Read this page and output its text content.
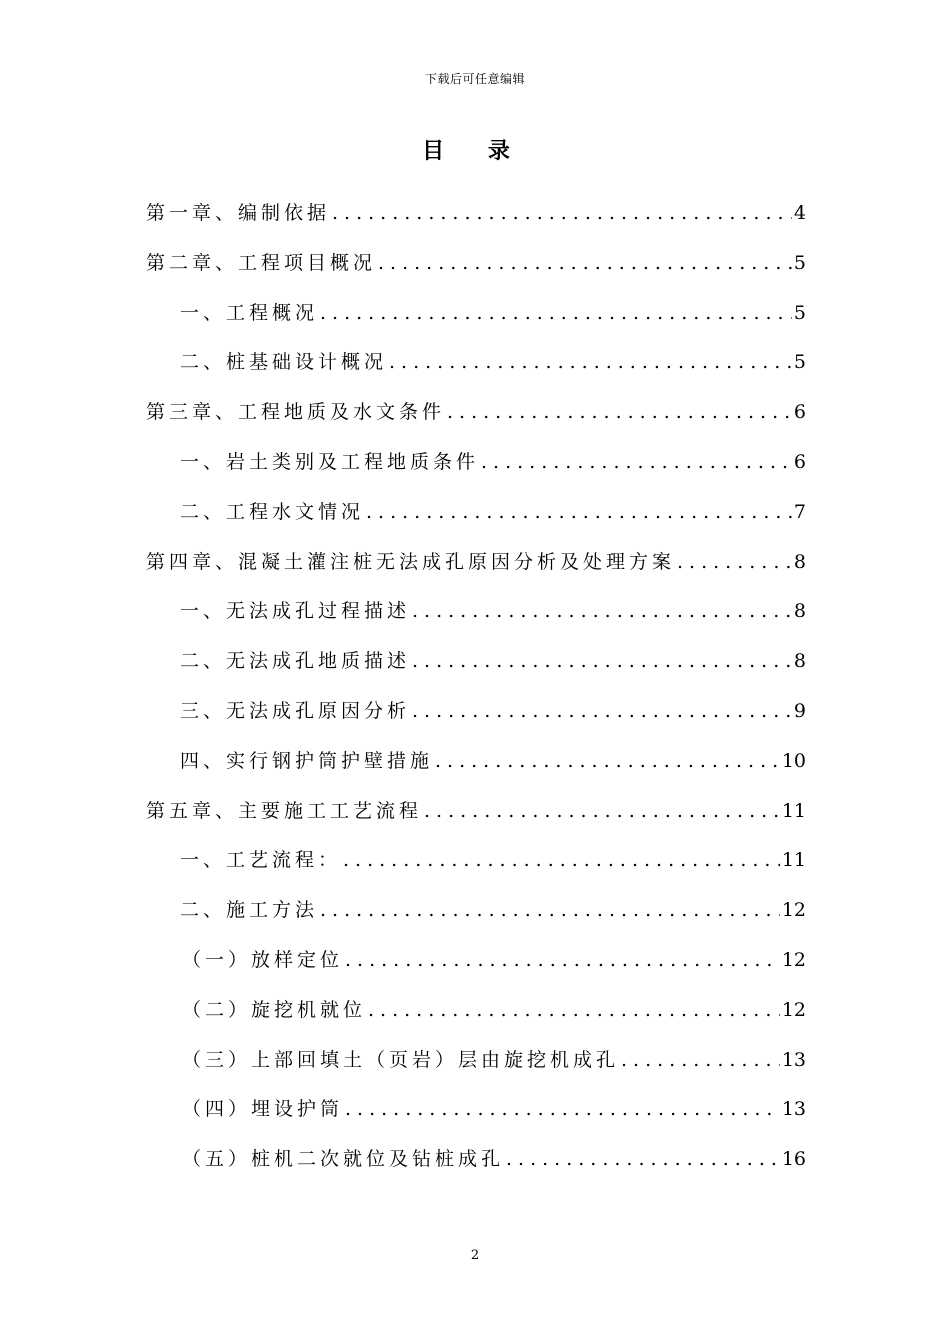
下载后可任意编辑
目 录
第一章、编制依据 .....	4
第二章、工程项目概况 .....	5
一、工程概况 .....	5
二、桩基础设计概况 .....	5
第三章、工程地质及水文条件 .....	6
一、岩土类别及工程地质条件 .....	6
二、工程水文情况 .....	7
第四章、混凝土灌注桩无法成孔原因分析及处理方案 .....	8
一、无法成孔过程描述 .....	8
二、无法成孔地质描述 .....	8
三、无法成孔原因分析 .....	9
四、实行钢护筒护壁措施 .....	10
第五章、主要施工工艺流程 .....	11
一、工艺流程： .....	11
二、施工方法 .....	12
（一）放样定位 .....	12
（二）旋挖机就位 .....	12
（三）上部回填土（页岩）层由旋挖机成孔 .....	13
（四）埋设护筒 .....	13
（五）桩机二次就位及钻桩成孔 .....	16
2
